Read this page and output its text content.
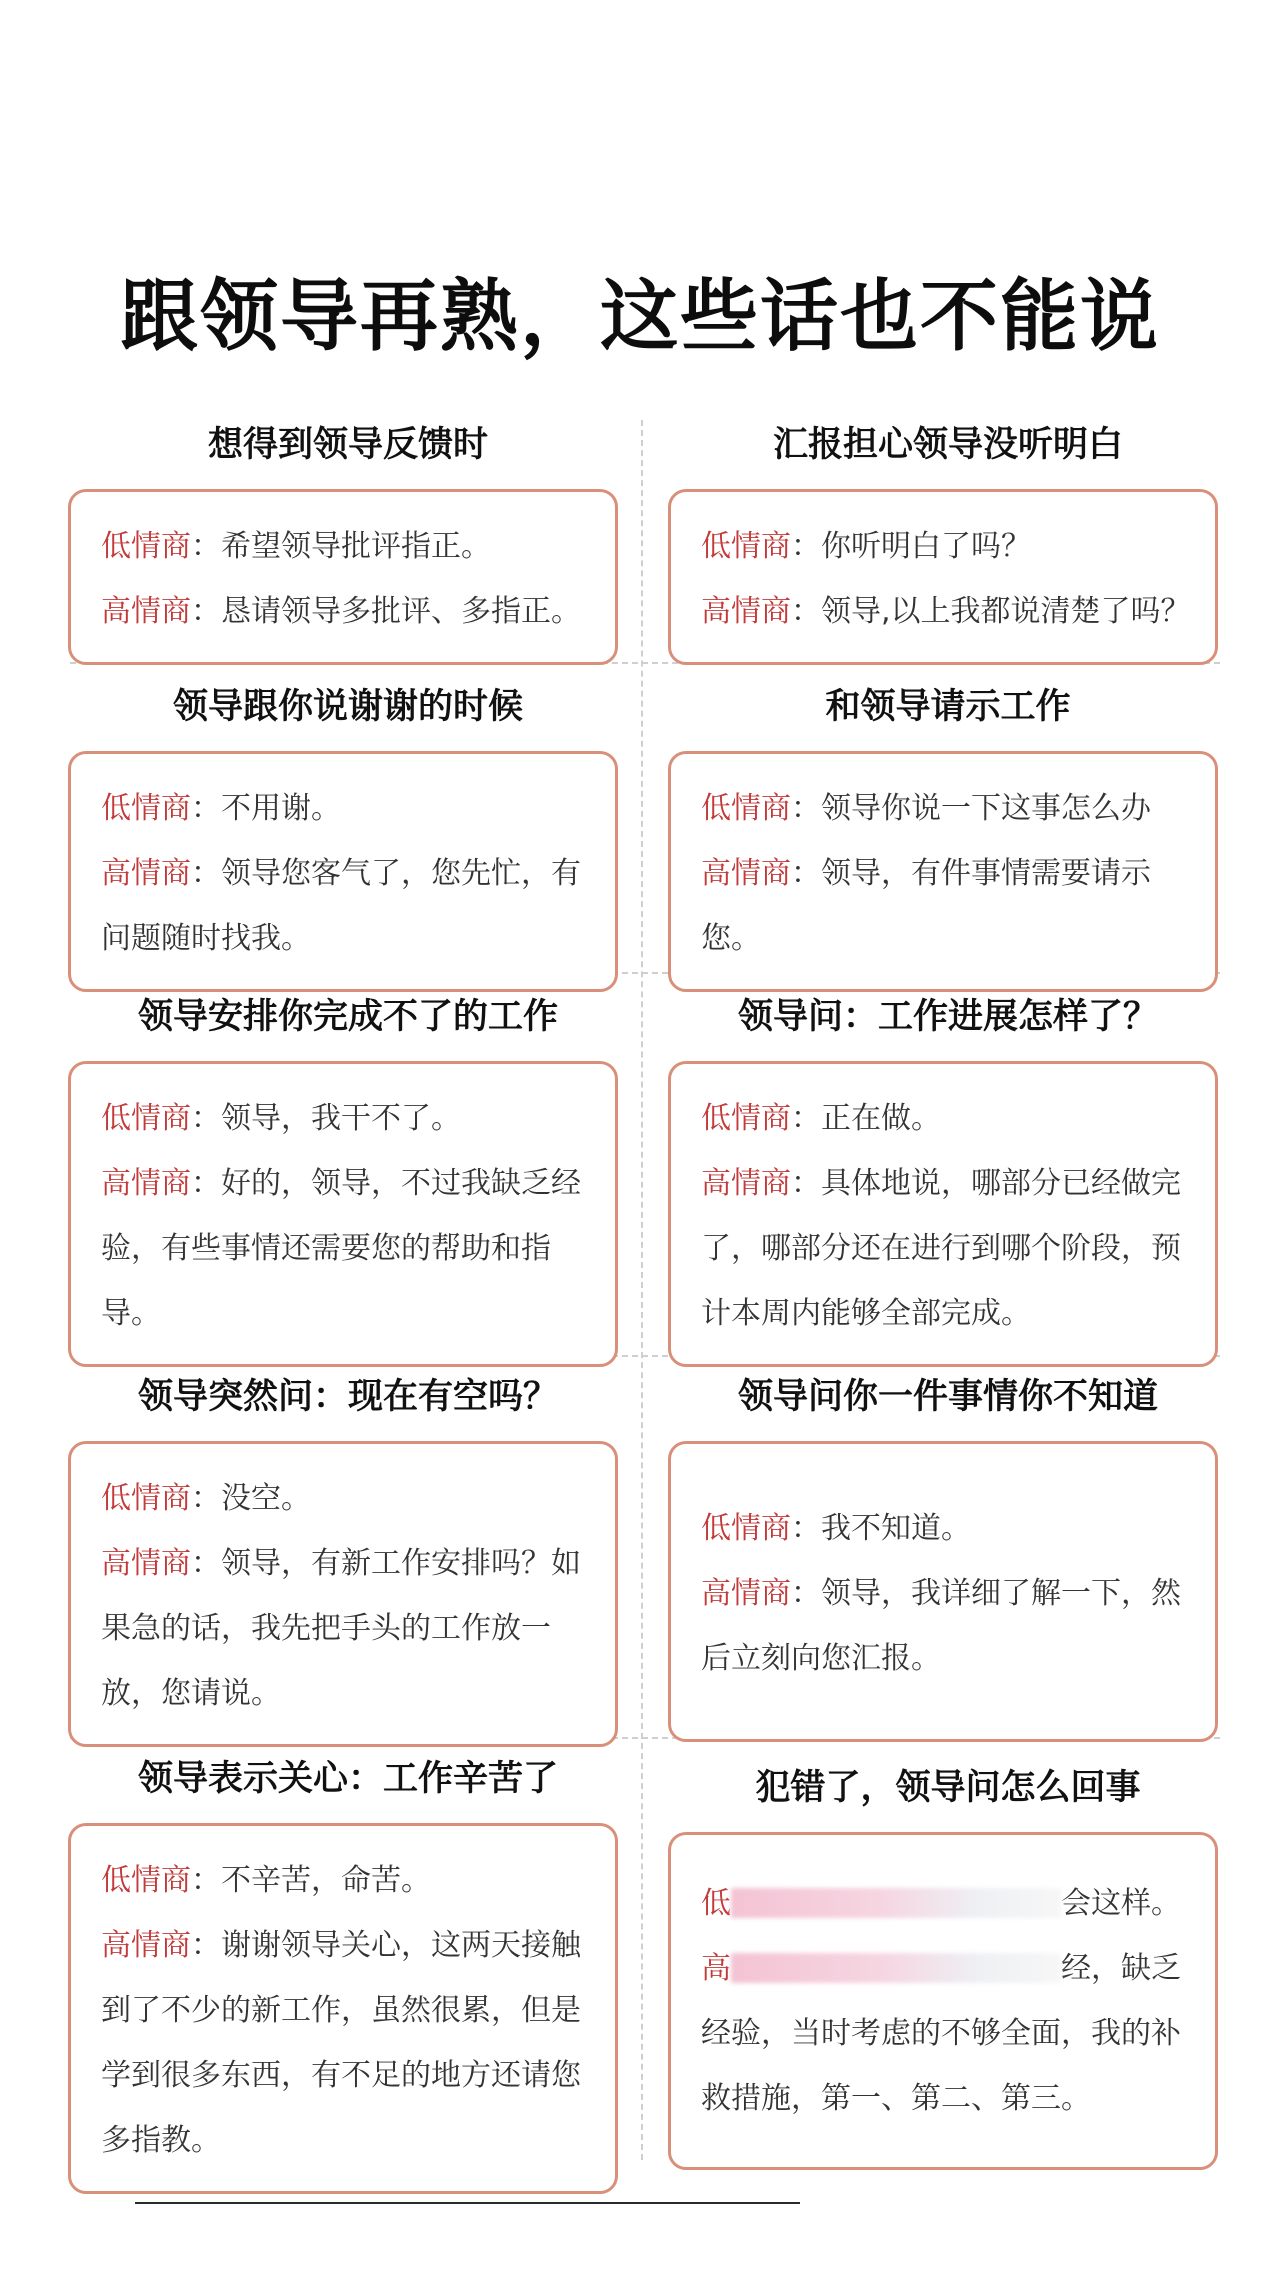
跟领导再熟，这些话也不能说
想得到领导反馈时

低情商：希望领导批评指正。

高情商：恳请领导多批评、多指正。

汇报担心领导没听明白

低情商：你听明白了吗？

高情商：领导,以上我都说清楚了吗？

领导跟你说谢谢的时候

低情商：不用谢。

高情商：领导您客气了，您先忙，有问题随时找我。

和领导请示工作

低情商：领导你说一下这事怎么办

高情商：领导，有件事情需要请示您。

领导安排你完成不了的工作

低情商：领导，我干不了。

高情商：好的，领导，不过我缺乏经验，有些事情还需要您的帮助和指导。

领导问：工作进展怎样了？

低情商：正在做。

高情商：具体地说，哪部分已经做完了，哪部分还在进行到哪个阶段，预计本周内能够全部完成。

领导突然问：现在有空吗？

低情商：没空。

高情商：领导，有新工作安排吗？如果急的话，我先把手头的工作放一放，您请说。

领导问你一件事情你不知道

低情商：我不知道。

高情商：领导，我详细了解一下，然后立刻向您汇报。

领导表示关心：工作辛苦了

低情商：不辛苦，命苦。

高情商：谢谢领导关心，这两天接触到了不少的新工作，虽然很累，但是学到很多东西，有不足的地方还请您多指教。

犯错了，领导问怎么回事

低	会这样。

高	经，缺乏经验，当时考虑的不够全面，我的补救措施，第一、第二、第三。
